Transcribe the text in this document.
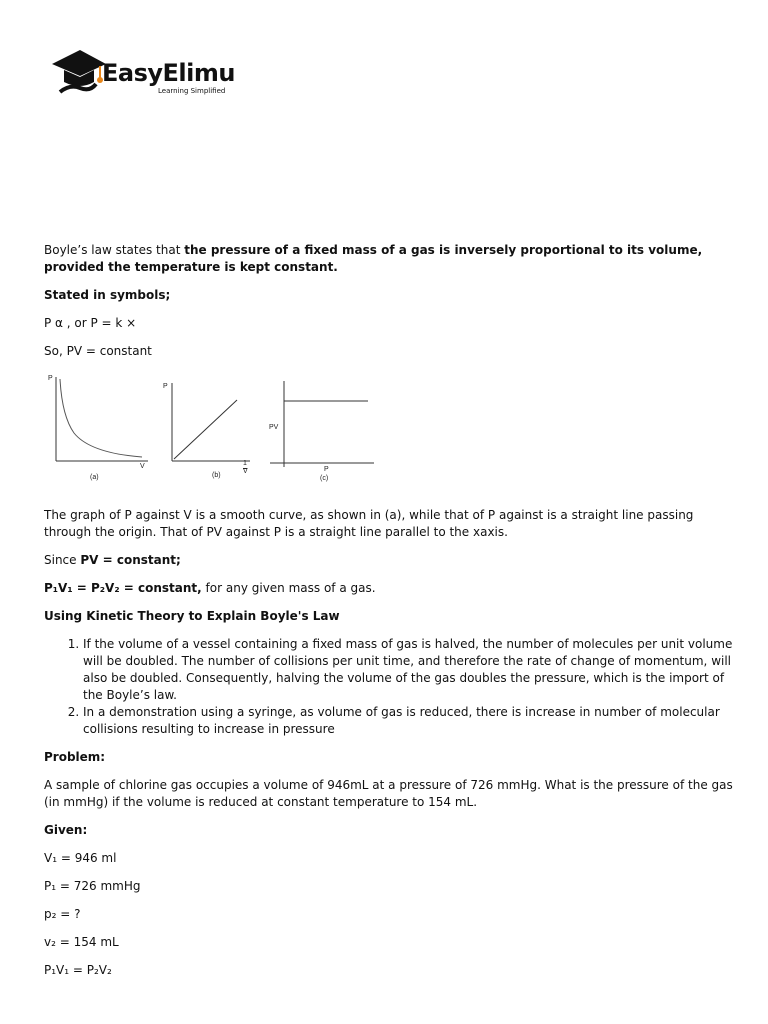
EasyElimu
Learning Simplified

Boyle’s law states that the pressure of a fixed mass of a gas is inversely proportional to its volume, provided the temperature is kept constant.

Stated in symbols;

P α , or P = k ×

So, PV = constant

P
V
(a)
P
1
V
(b)
PV
P
(c)

The graph of P against V is a smooth curve, as shown in (a), while that of P against is a straight line passing through the origin. That of PV against P is a straight line parallel to the xaxis.

Since PV = constant;

P₁V₁ = P₂V₂ = constant, for any given mass of a gas.

Using Kinetic Theory to Explain Boyle's Law

1. If the volume of a vessel containing a fixed mass of gas is halved, the number of molecules per unit volume will be doubled. The number of collisions per unit time, and therefore the rate of change of momentum, will also be doubled. Consequently, halving the volume of the gas doubles the pressure, which is the import of the Boyle’s law.
2. In a demonstration using a syringe, as volume of gas is reduced, there is increase in number of molecular collisions resulting to increase in pressure

Problem:

A sample of chlorine gas occupies a volume of 946mL at a pressure of 726 mmHg. What is the pressure of the gas (in mmHg) if the volume is reduced at constant temperature to 154 mL.

Given:

V₁ = 946 ml

P₁ = 726 mmHg

p₂ = ?

v₂ = 154 mL

P₁V₁ = P₂V₂
